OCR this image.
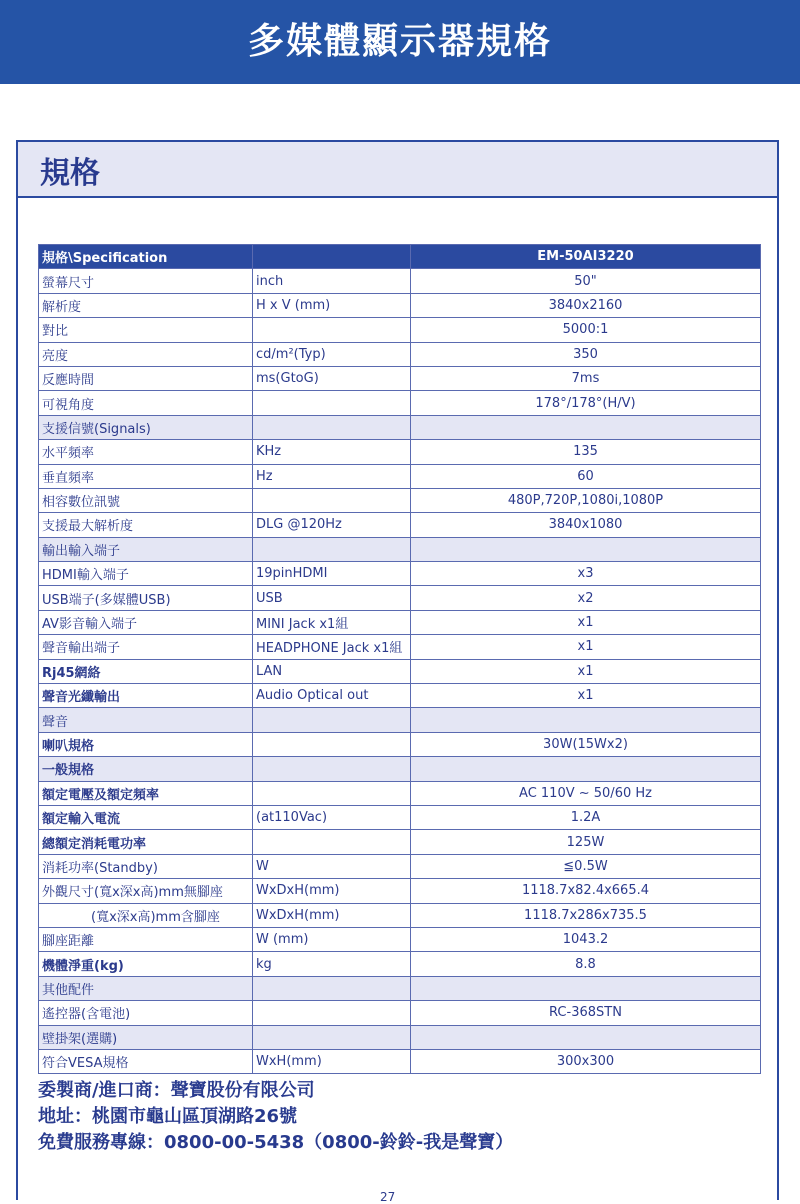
多媒體顯示器規格
規格
規格\Specification		EM-50AI3220
螢幕尺寸	inch	50"
解析度	H x V (mm)	3840x2160
對比		5000:1
亮度	cd/m²(Typ)	350
反應時間	ms(GtoG)	7ms
可視角度		178°/178°(H/V)
支援信號(Signals)		
水平頻率	KHz	135
垂直頻率	Hz	60
相容數位訊號		480P,720P,1080i,1080P
支援最大解析度	DLG @120Hz	3840x1080
輸出輸入端子		
HDMI輸入端子	19pinHDMI	x3
USB端子(多媒體USB)	USB	x2
AV影音輸入端子	MINI Jack x1組	x1
聲音輸出端子	HEADPHONE Jack x1組	x1
Rj45網絡	LAN	x1
聲音光纖輸出	Audio Optical out	x1
聲音		
喇叭規格		30W(15Wx2)
一般規格		
額定電壓及額定頻率		AC 110V ~ 50/60 Hz
額定輸入電流	(at110Vac)	1.2A
總額定消耗電功率		125W
消耗功率(Standby)	W	≦0.5W
外觀尺寸(寬x深x高)mm無腳座	WxDxH(mm)	1118.7x82.4x665.4
(寬x深x高)mm含腳座	WxDxH(mm)	1118.7x286x735.5
腳座距離	W (mm)	1043.2
機體淨重(kg)	kg	8.8
其他配件		
遙控器(含電池)		RC-368STN
壁掛架(選購)		
符合VESA規格	WxH(mm)	300x300
委製商/進口商：聲寶股份有限公司
地址：桃園市龜山區頂湖路26號
免費服務專線：0800-00-5438（0800-鈴鈴-我是聲寶）
27
